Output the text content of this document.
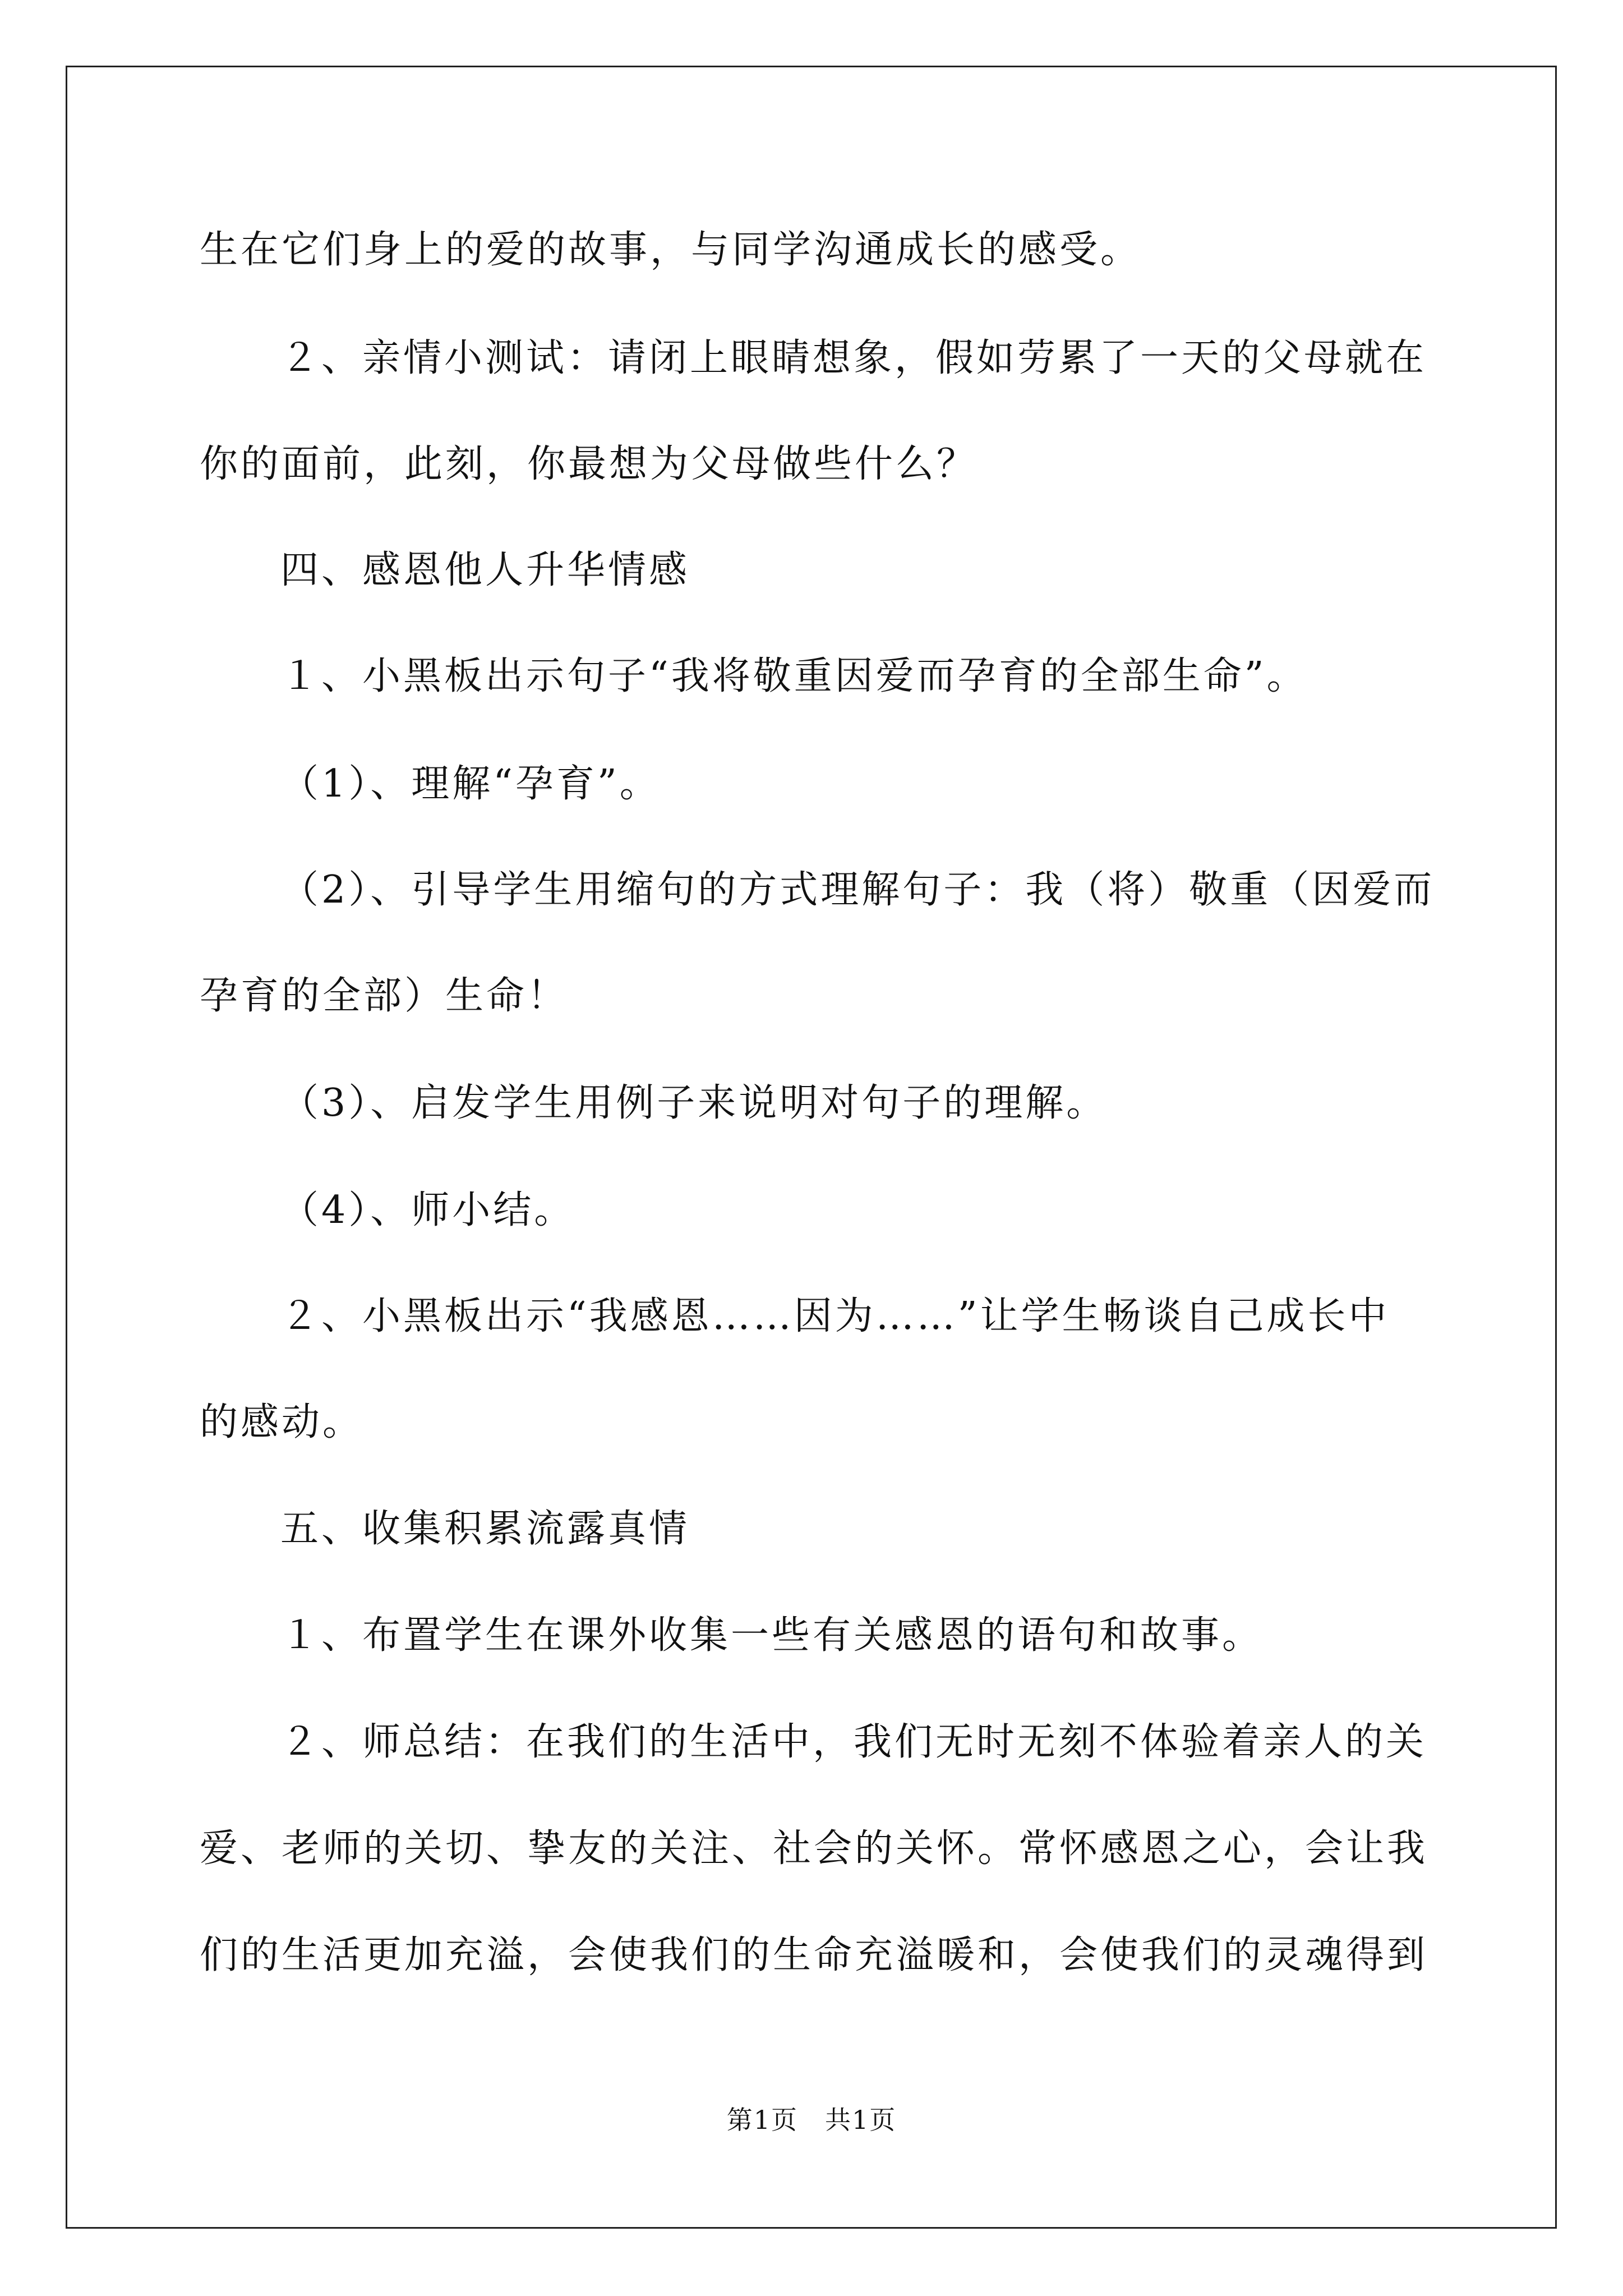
生在它们身上的爱的故事，与同学沟通成长的感受。
２、亲情小测试：请闭上眼睛想象，假如劳累了一天的父母就在
你的面前，此刻，你最想为父母做些什么？
四、感恩他人升华情感
１、小黑板出示句子“我将敬重因爱而孕育的全部生命”。
（1）、理解“孕育”。
（2）、引导学生用缩句的方式理解句子：我（将）敬重（因爱而
孕育的全部）生命！
（3）、启发学生用例子来说明对句子的理解。
（4）、师小结。
２、小黑板出示“我感恩……因为……”让学生畅谈自己成长中
的感动。
五、收集积累流露真情
１、布置学生在课外收集一些有关感恩的语句和故事。
２、师总结：在我们的生活中，我们无时无刻不体验着亲人的关
爱、老师的关切、挚友的关注、社会的关怀。常怀感恩之心，会让我
们的生活更加充溢，会使我们的生命充溢暖和，会使我们的灵魂得到
第1页　共1页
